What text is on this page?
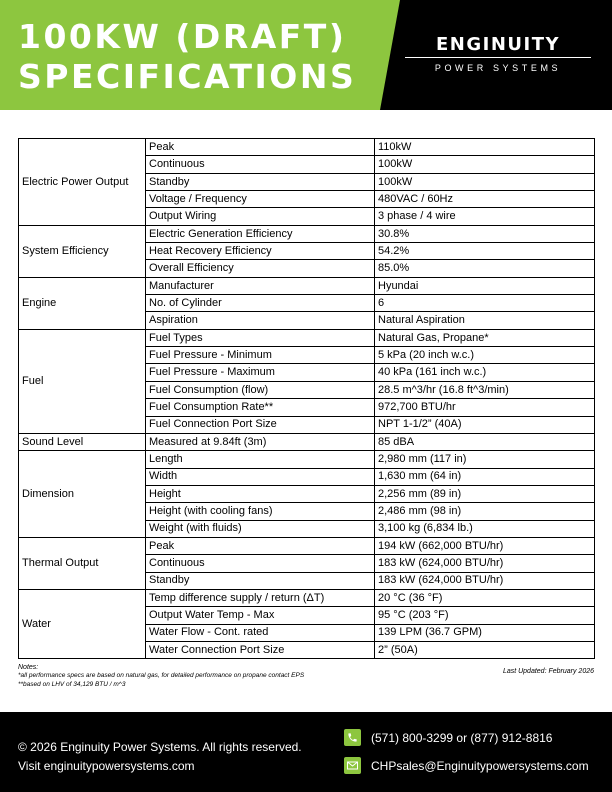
100KW (DRAFT)
SPECIFICATIONS
ENGINUITY
POWER SYSTEMS
Electric Power Output	Peak	110kW
	Continuous	100kW
	Standby	100kW
	Voltage / Frequency	480VAC / 60Hz
	Output Wiring	3 phase / 4 wire
System Efficiency	Electric Generation Efficiency	30.8%
	Heat Recovery Efficiency	54.2%
	Overall Efficiency	85.0%
Engine	Manufacturer	Hyundai
	No. of Cylinder	6
	Aspiration	Natural Aspiration
Fuel	Fuel Types	Natural Gas, Propane*
	Fuel Pressure - Minimum	5 kPa (20 inch w.c.)
	Fuel Pressure - Maximum	40 kPa (161 inch w.c.)
	Fuel Consumption (flow)	28.5 m^3/hr (16.8 ft^3/min)
	Fuel Consumption Rate**	972,700 BTU/hr
	Fuel Connection Port Size	NPT 1-1/2” (40A)
Sound Level	Measured at 9.84ft (3m)	85 dBA
Dimension	Length	2,980 mm (117 in)
	Width	1,630 mm (64 in)
	Height	2,256 mm (89 in)
	Height (with cooling fans)	2,486 mm (98 in)
	Weight (with fluids)	3,100 kg (6,834 lb.)
Thermal Output	Peak	194 kW (662,000 BTU/hr)
	Continuous	183 kW (624,000 BTU/hr)
	Standby	183 kW (624,000 BTU/hr)
Water	Temp difference supply / return (ΔT)	20 °C (36 °F)
	Output Water Temp - Max	95 °C (203 °F)
	Water Flow - Cont. rated	139 LPM (36.7 GPM)
	Water Connection Port Size	2” (50A)
Notes:
*all performance specs are based on natural gas, for detailed performance on propane contact EPS
**based on LHV of 34,129 BTU / m^3
Last Updated: February 2026
© 2026 Enginuity Power Systems. All rights reserved.
Visit enginuitypowersystems.com
(571) 800-3299 or (877) 912-8816
CHPsales@Enginuitypowersystems.com
